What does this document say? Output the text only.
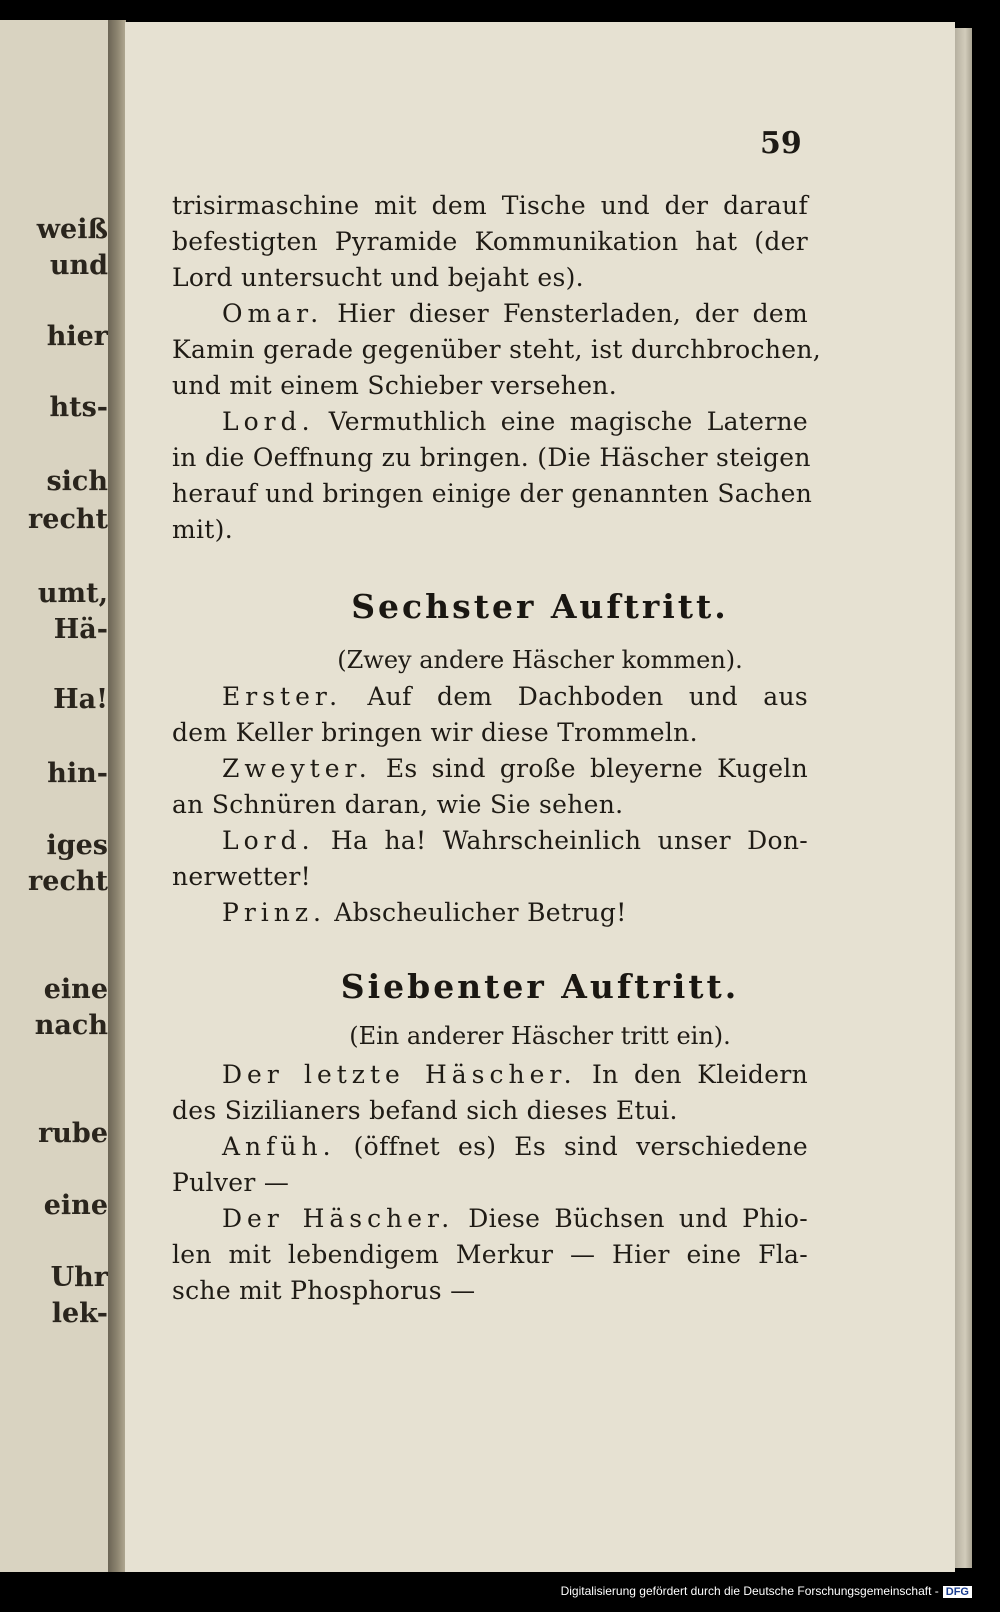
weiß
und
hier
hts-
sich
recht
umt,
Hä-
Ha!
hin-
iges
recht
eine
nach
rube
eine
Uhr
lek-
59
trisirmaschine mit dem Tische und der darauf
befestigten Pyramide Kommunikation hat (der
Lord untersucht und bejaht es).
Omar. Hier dieser Fensterladen, der dem
Kamin gerade gegenüber steht, ist durchbrochen,
und mit einem Schieber versehen.
Lord. Vermuthlich eine magische Laterne
in die Oeffnung zu bringen. (Die Häscher steigen
herauf und bringen einige der genannten Sachen
mit).
Sechster Auftritt.
(Zwey andere Häscher kommen).
Erster. Auf dem Dachboden und aus
dem Keller bringen wir diese Trommeln.
Zweyter. Es sind große bleyerne Kugeln
an Schnüren daran, wie Sie sehen.
Lord. Ha ha! Wahrscheinlich unser Don-
nerwetter!
Prinz. Abscheulicher Betrug!
Siebenter Auftritt.
(Ein anderer Häscher tritt ein).
Der letzte Häscher. In den Kleidern
des Sizilianers befand sich dieses Etui.
Anfüh. (öffnet es) Es sind verschiedene
Pulver —
Der Häscher. Diese Büchsen und Phio-
len mit lebendigem Merkur — Hier eine Fla-
sche mit Phosphorus —
Digitalisierung gefördert durch die Deutsche Forschungsgemeinschaft - DFG
